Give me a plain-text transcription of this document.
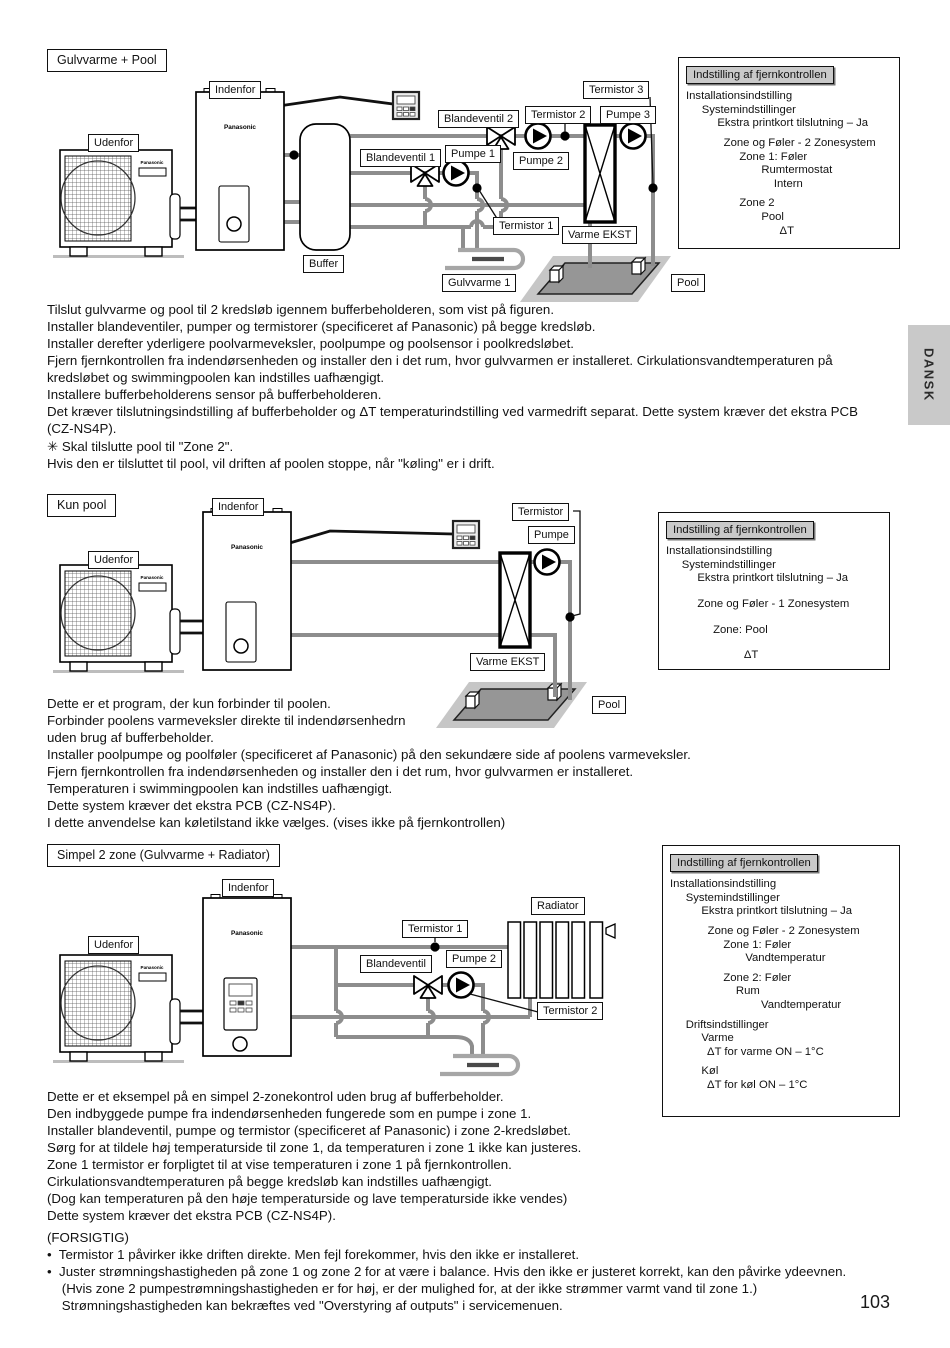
Panasonic
Panasonic
Gulvvarme + Pool
Indenfor
Udenfor
Blandeventil 2	Termistor 2
Termistor 3
Pumpe 3
Blandeventil 1	Pumpe 1
Pumpe 2
Termistor 1
Varme EKST
Buffer
Gulvvarme 1	Pool
Indstilling af fjernkontrollen
Installationsindstilling
Systemindstillinger
Ekstra printkort tilslutning – Ja
Zone og Føler - 2 Zonesystem
Zone 1: Føler
Rumtermostat
Intern
Zone 2
Pool
ΔT
Tilslut gulvvarme og pool til 2 kredsløb igennem bufferbeholderen, som vist på figuren.
Installer blandeventiler, pumper og termistorer (specificeret af Panasonic) på begge kredsløb.
Installer derefter yderligere poolvarmeveksler, poolpumpe og poolsensor i poolkredsløbet.
Fjern fjernkontrollen fra indendørsenheden og installer den i det rum, hvor gulvvarmen er installeret. Cirkulationsvandtemperaturen på
kredsløbet og swimmingpoolen kan indstilles uafhængigt.
Installere bufferbeholderens sensor på bufferbeholderen.
Det kræver tilslutningsindstilling af bufferbeholder og ΔT temperaturindstilling ved varmedrift separat. Dette system kræver det ekstra PCB
(CZ-NS4P).
✳ Skal tilslutte pool til "Zone 2".
Hvis den er tilsluttet til pool, vil driften af poolen stoppe, når "køling" er i drift.
Kun pool	Indenfor
Udenfor
Termistor
Pumpe
Varme EKST
Pool
Indstilling af fjernkontrollen
Installationsindstilling
Systemindstillinger
Ekstra printkort tilslutning – Ja
Zone og Føler - 1 Zonesystem
Zone: Pool
ΔT
Dette er et program, der kun forbinder til poolen.
Forbinder poolens varmeveksler direkte til indendørsenhedrn
uden brug af bufferbeholder.
Installer poolpumpe og poolføler (specificeret af Panasonic) på den sekundære side af poolens varmeveksler.
Fjern fjernkontrollen fra indendørsenheden og installer den i det rum, hvor gulvvarmen er installeret.
Temperaturen i swimmingpoolen kan indstilles uafhængigt.
Dette system kræver det ekstra PCB (CZ-NS4P).
I dette anvendelse kan køletilstand ikke vælges. (vises ikke på fjernkontrollen)
Simpel 2 zone (Gulvvarme + Radiator)
Indenfor
Udenfor
Radiator
Termistor 1
Blandeventil	Pumpe 2
Termistor 2
Indstilling af fjernkontrollen
Installationsindstilling
Systemindstillinger
Ekstra printkort tilslutning – Ja
Zone og Føler - 2 Zonesystem
Zone 1: Føler
Vandtemperatur
Zone 2: Føler
Rum
Vandtemperatur
Driftsindstillinger
Varme
ΔT for varme ON – 1°C
Køl
ΔT for køl ON – 1°C
Dette er et eksempel på en simpel 2-zonekontrol uden brug af bufferbeholder.
Den indbyggede pumpe fra indendørsenheden fungerede som en pumpe i zone 1.
Installer blandeventil, pumpe og termistor (specificeret af Panasonic) i zone 2-kredsløbet.
Sørg for at tildele høj temperaturside til zone 1, da temperaturen i zone 1 ikke kan justeres.
Zone 1 termistor er forpligtet til at vise temperaturen i zone 1 på fjernkontrollen.
Cirkulationsvandtemperaturen på begge kredsløb kan indstilles uafhængigt.
(Dog kan temperaturen på den høje temperaturside og lave temperaturside ikke vendes)
Dette system kræver det ekstra PCB (CZ-NS4P).
(FORSIGTIG)
•  Termistor 1 påvirker ikke driften direkte. Men fejl forekommer, hvis den ikke er installeret.
•  Juster strømningshastigheden på zone 1 og zone 2 for at være i balance. Hvis den ikke er justeret korrekt, kan den påvirke ydeevnen.
(Hvis zone 2 pumpestrømningshastigheden er for høj, er der mulighed for, at der ikke strømmer varmt vand til zone 1.)
Strømningshastigheden kan bekræftes ved "Overstyring af outputs" i servicemenuen.
DANSK
103
